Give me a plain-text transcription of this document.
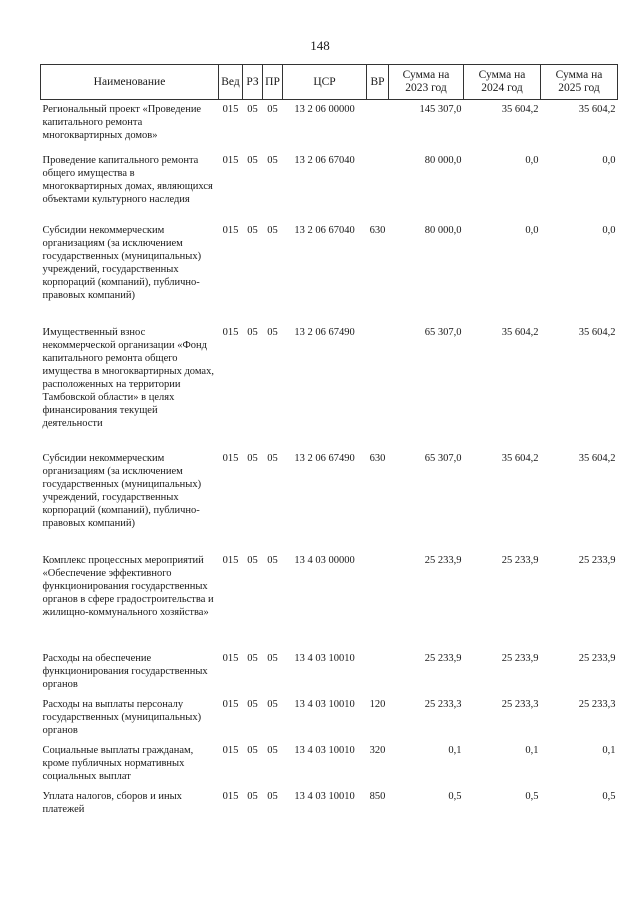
148
Наименование	Вед	РЗ	ПР	ЦСР	ВР	Сумма на 2023 год	Сумма на 2024 год	Сумма на 2025 год
Региональный проект «Проведение капитального ремонта многоквартирных домов»	015	05	05	13 2 06 00000		145 307,0	35 604,2	35 604,2
Проведение капитального ремонта общего имущества в многоквартирных домах, являющихся объектами культурного наследия	015	05	05	13 2 06 67040		80 000,0	0,0	0,0
Субсидии некоммерческим организациям (за исключением государственных (муниципальных) учреждений, государственных корпораций (компаний), публично-правовых компаний)	015	05	05	13 2 06 67040	630	80 000,0	0,0	0,0
Имущественный взнос некоммерческой организации «Фонд капитального ремонта общего имущества в многоквартирных домах, расположенных на территории Тамбовской области» в целях финансирования текущей деятельности	015	05	05	13 2 06 67490		65 307,0	35 604,2	35 604,2
Субсидии некоммерческим организациям (за исключением государственных (муниципальных) учреждений, государственных корпораций (компаний), публично-правовых компаний)	015	05	05	13 2 06 67490	630	65 307,0	35 604,2	35 604,2
Комплекс процессных мероприятий «Обеспечение эффективного функционирования государственных органов в сфере градостроительства и жилищно-коммунального хозяйства»	015	05	05	13 4 03 00000		25 233,9	25 233,9	25 233,9
Расходы на обеспечение функционирования государственных органов	015	05	05	13 4 03 10010		25 233,9	25 233,9	25 233,9
Расходы на выплаты персоналу государственных (муниципальных) органов	015	05	05	13 4 03 10010	120	25 233,3	25 233,3	25 233,3
Социальные выплаты гражданам, кроме публичных нормативных социальных выплат	015	05	05	13 4 03 10010	320	0,1	0,1	0,1
Уплата налогов, сборов и иных платежей	015	05	05	13 4 03 10010	850	0,5	0,5	0,5
